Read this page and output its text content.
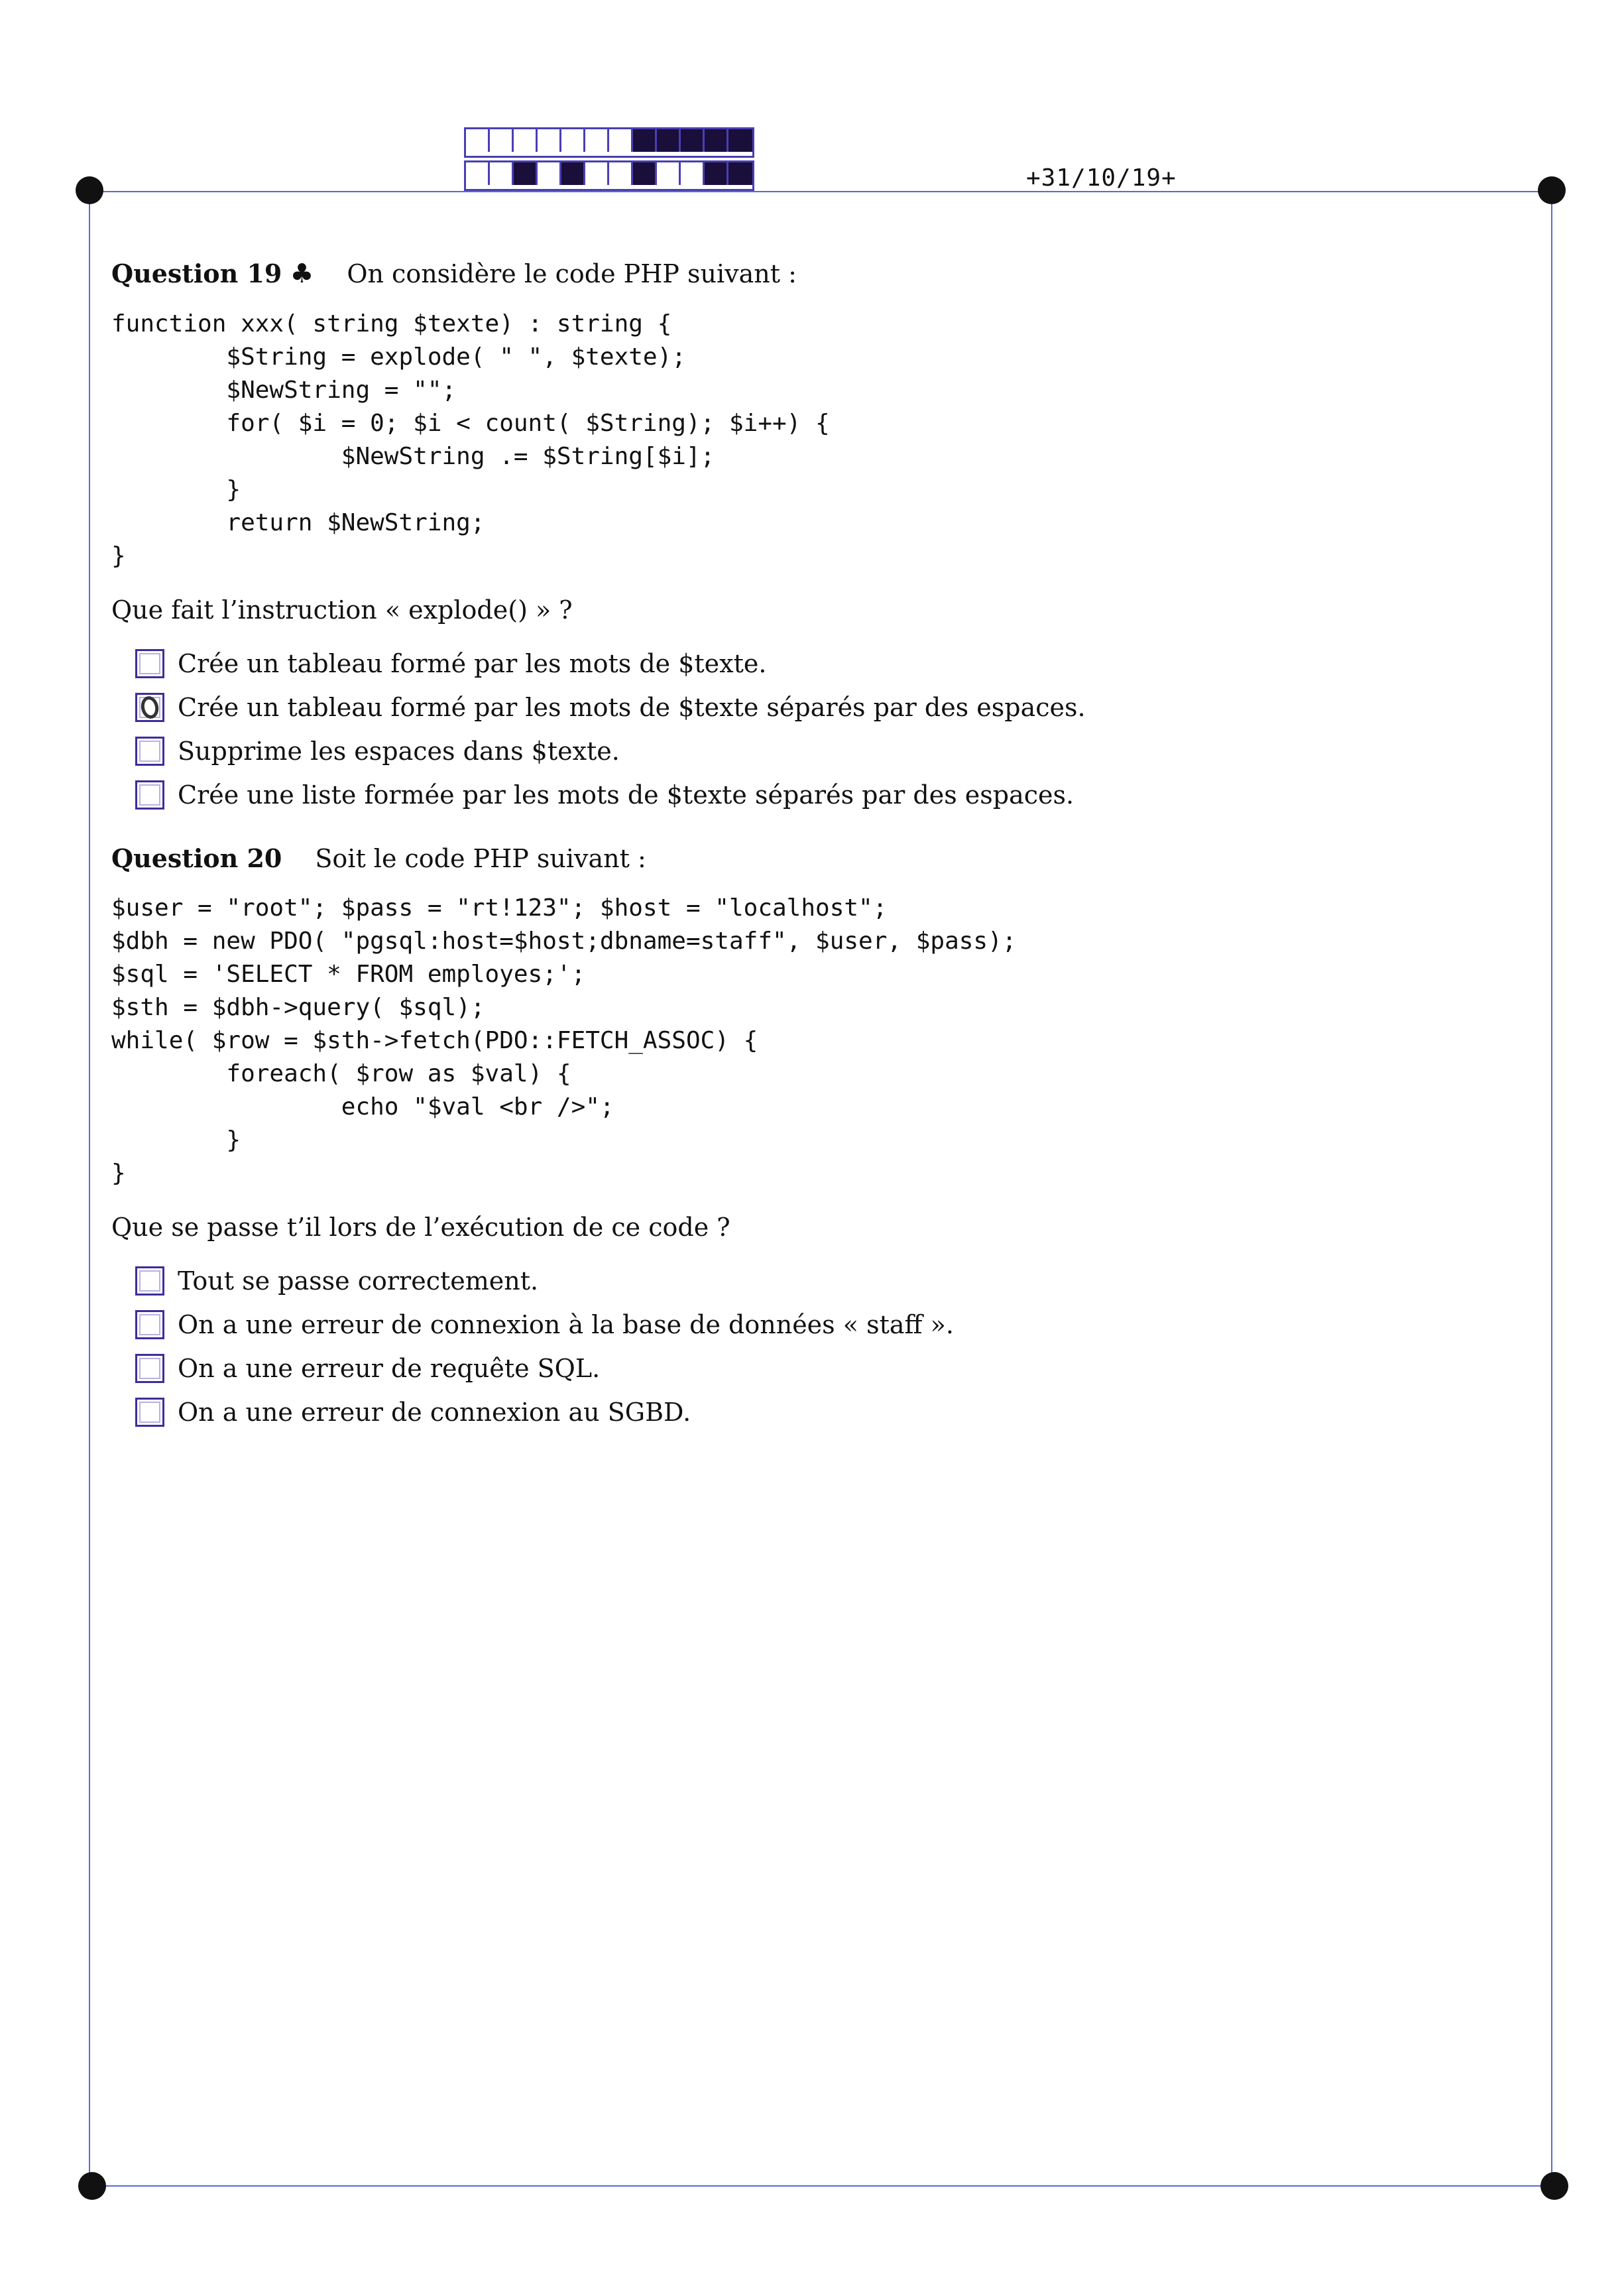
+31/10/19+
Question 19 ♣ On considère le code PHP suivant :
function xxx( string $texte) : string {
$String = explode( " ", $texte);
$NewString = "";
for( $i = 0; $i < count( $String); $i++) {
$NewString .= $String[$i];
}
return $NewString;
}
Que fait l’instruction « explode() » ?
Crée un tableau formé par les mots de $texte.
Crée un tableau formé par les mots de $texte séparés par des espaces.
Supprime les espaces dans $texte.
Crée une liste formée par les mots de $texte séparés par des espaces.
Question 20 Soit le code PHP suivant :
$user = "root"; $pass = "rt!123"; $host = "localhost";
$dbh = new PDO( "pgsql:host=$host;dbname=staff", $user, $pass);
$sql = 'SELECT * FROM employes;';
$sth = $dbh->query( $sql);
while( $row = $sth->fetch(PDO::FETCH_ASSOC) {
foreach( $row as $val) {
echo "$val <br />";
}
}
Que se passe t’il lors de l’exécution de ce code ?
Tout se passe correctement.
On a une erreur de connexion à la base de données « staff ».
On a une erreur de requête SQL.
On a une erreur de connexion au SGBD.
